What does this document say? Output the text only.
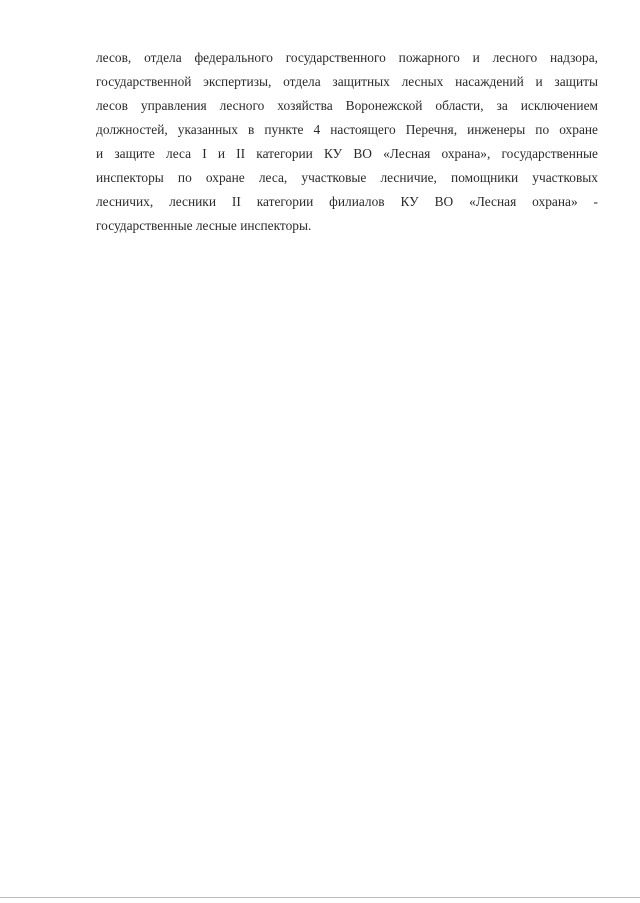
лесов, отдела федерального государственного пожарного и лесного надзора,
государственной экспертизы, отдела защитных лесных насаждений и защиты
лесов управления лесного хозяйства Воронежской области, за исключением
должностей, указанных в пункте 4 настоящего Перечня, инженеры по охране
и защите леса I и II категории КУ ВО «Лесная охрана», государственные
инспекторы по охране леса, участковые лесничие, помощники участковых
лесничих, лесники II категории филиалов КУ ВО «Лесная охрана» -
государственные лесные инспекторы.
